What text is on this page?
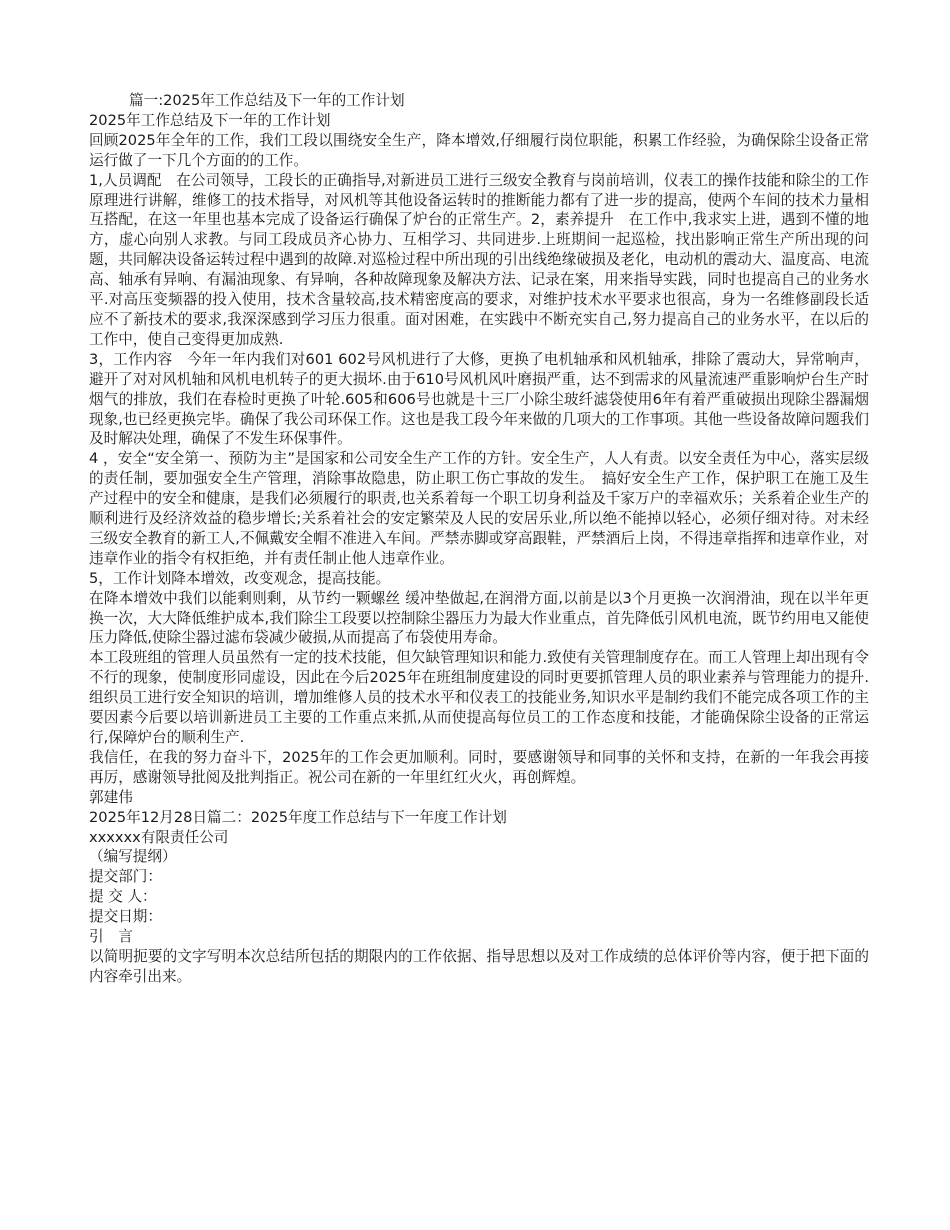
篇一:2025年工作总结及下一年的工作计划

2025年工作总结及下一年的工作计划

回顾2025年全年的工作，我们工段以围绕安全生产，降本增效,仔细履行岗位职能，积累工作经验，为确保除尘设备正常运行做了一下几个方面的的工作。

1,人员调配　在公司领导，工段长的正确指导,对新进员工进行三级安全教育与岗前培训，仪表工的操作技能和除尘的工作原理进行讲解，维修工的技术指导，对风机等其他设备运转时的推断能力都有了进一步的提高，使两个车间的技术力量相互搭配，在这一年里也基本完成了设备运行确保了炉台的正常生产。2，素养提升　在工作中,我求实上进，遇到不懂的地方，虚心向别人求教。与同工段成员齐心协力、互相学习、共同进步.上班期间一起巡检，找出影响正常生产所出现的问题，共同解决设备运转过程中遇到的故障.对巡检过程中所出现的引出线绝缘破损及老化，电动机的震动大、温度高、电流高、轴承有异响、有漏油现象、有异响，各种故障现象及解决方法、记录在案，用来指导实践，同时也提高自己的业务水平.对高压变频器的投入使用，技术含量较高,技术精密度高的要求，对维护技术水平要求也很高，身为一名维修副段长适应不了新技术的要求,我深深感到学习压力很重。面对困难，在实践中不断充实自己,努力提高自己的业务水平，在以后的工作中，使自己变得更加成熟.

3，工作内容　今年一年内我们对601 602号风机进行了大修，更换了电机轴承和风机轴承，排除了震动大，异常响声，避开了对对风机轴和风机电机转子的更大损坏.由于610号风机风叶磨损严重，达不到需求的风量流速严重影响炉台生产时烟气的排放，我们在春检时更换了叶轮.605和606号也就是十三厂小除尘玻纤滤袋使用6年有着严重破损出现除尘器漏烟现象,也已经更换完毕。确保了我公司环保工作。这也是我工段今年来做的几项大的工作事项。其他一些设备故障问题我们及时解决处理，确保了不发生环保事件。

4 ，安全“安全第一、预防为主”是国家和公司安全生产工作的方针。安全生产，人人有责。以安全责任为中心，落实层级的责任制，要加强安全生产管理，消除事故隐患，防止职工伤亡事故的发生。　搞好安全生产工作，保护职工在施工及生产过程中的安全和健康，是我们必须履行的职责,也关系着每一个职工切身利益及千家万户的幸福欢乐；关系着企业生产的顺利进行及经济效益的稳步增长;关系着社会的安定繁荣及人民的安居乐业,所以绝不能掉以轻心，必须仔细对待。对未经三级安全教育的新工人,不佩戴安全帽不准进入车间。严禁赤脚或穿高跟鞋，严禁酒后上岗，不得违章指挥和违章作业，对违章作业的指令有权拒绝，并有责任制止他人违章作业。

5，工作计划降本增效，改变观念，提高技能。

在降本增效中我们以能剩则剩，从节约一颗螺丝 缓冲垫做起,在润滑方面,以前是以3个月更换一次润滑油，现在以半年更换一次，大大降低维护成本,我们除尘工段要以控制除尘器压力为最大作业重点，首先降低引风机电流，既节约用电又能使压力降低,使除尘器过滤布袋减少破损,从而提高了布袋使用寿命。

本工段班组的管理人员虽然有一定的技术技能，但欠缺管理知识和能力.致使有关管理制度存在。而工人管理上却出现有令不行的现象，使制度形同虚设，因此在今后2025年在班组制度建设的同时更要抓管理人员的职业素养与管理能力的提升.组织员工进行安全知识的培训，增加维修人员的技术水平和仪表工的技能业务,知识水平是制约我们不能完成各项工作的主要因素今后要以培训新进员工主要的工作重点来抓,从而使提高每位员工的工作态度和技能，才能确保除尘设备的正常运行,保障炉台的顺利生产.

我信任，在我的努力奋斗下，2025年的工作会更加顺利。同时，要感谢领导和同事的关怀和支持，在新的一年我会再接再厉，感谢领导批阅及批判指正。祝公司在新的一年里红红火火，再创辉煌。

郭建伟

2025年12月28日篇二：2025年度工作总结与下一年度工作计划

xxxxxx有限责任公司

（编写提纲）

提交部门：

提 交 人：

提交日期：

引　言

以简明扼要的文字写明本次总结所包括的期限内的工作依据、指导思想以及对工作成绩的总体评价等内容，便于把下面的内容牵引出来。
